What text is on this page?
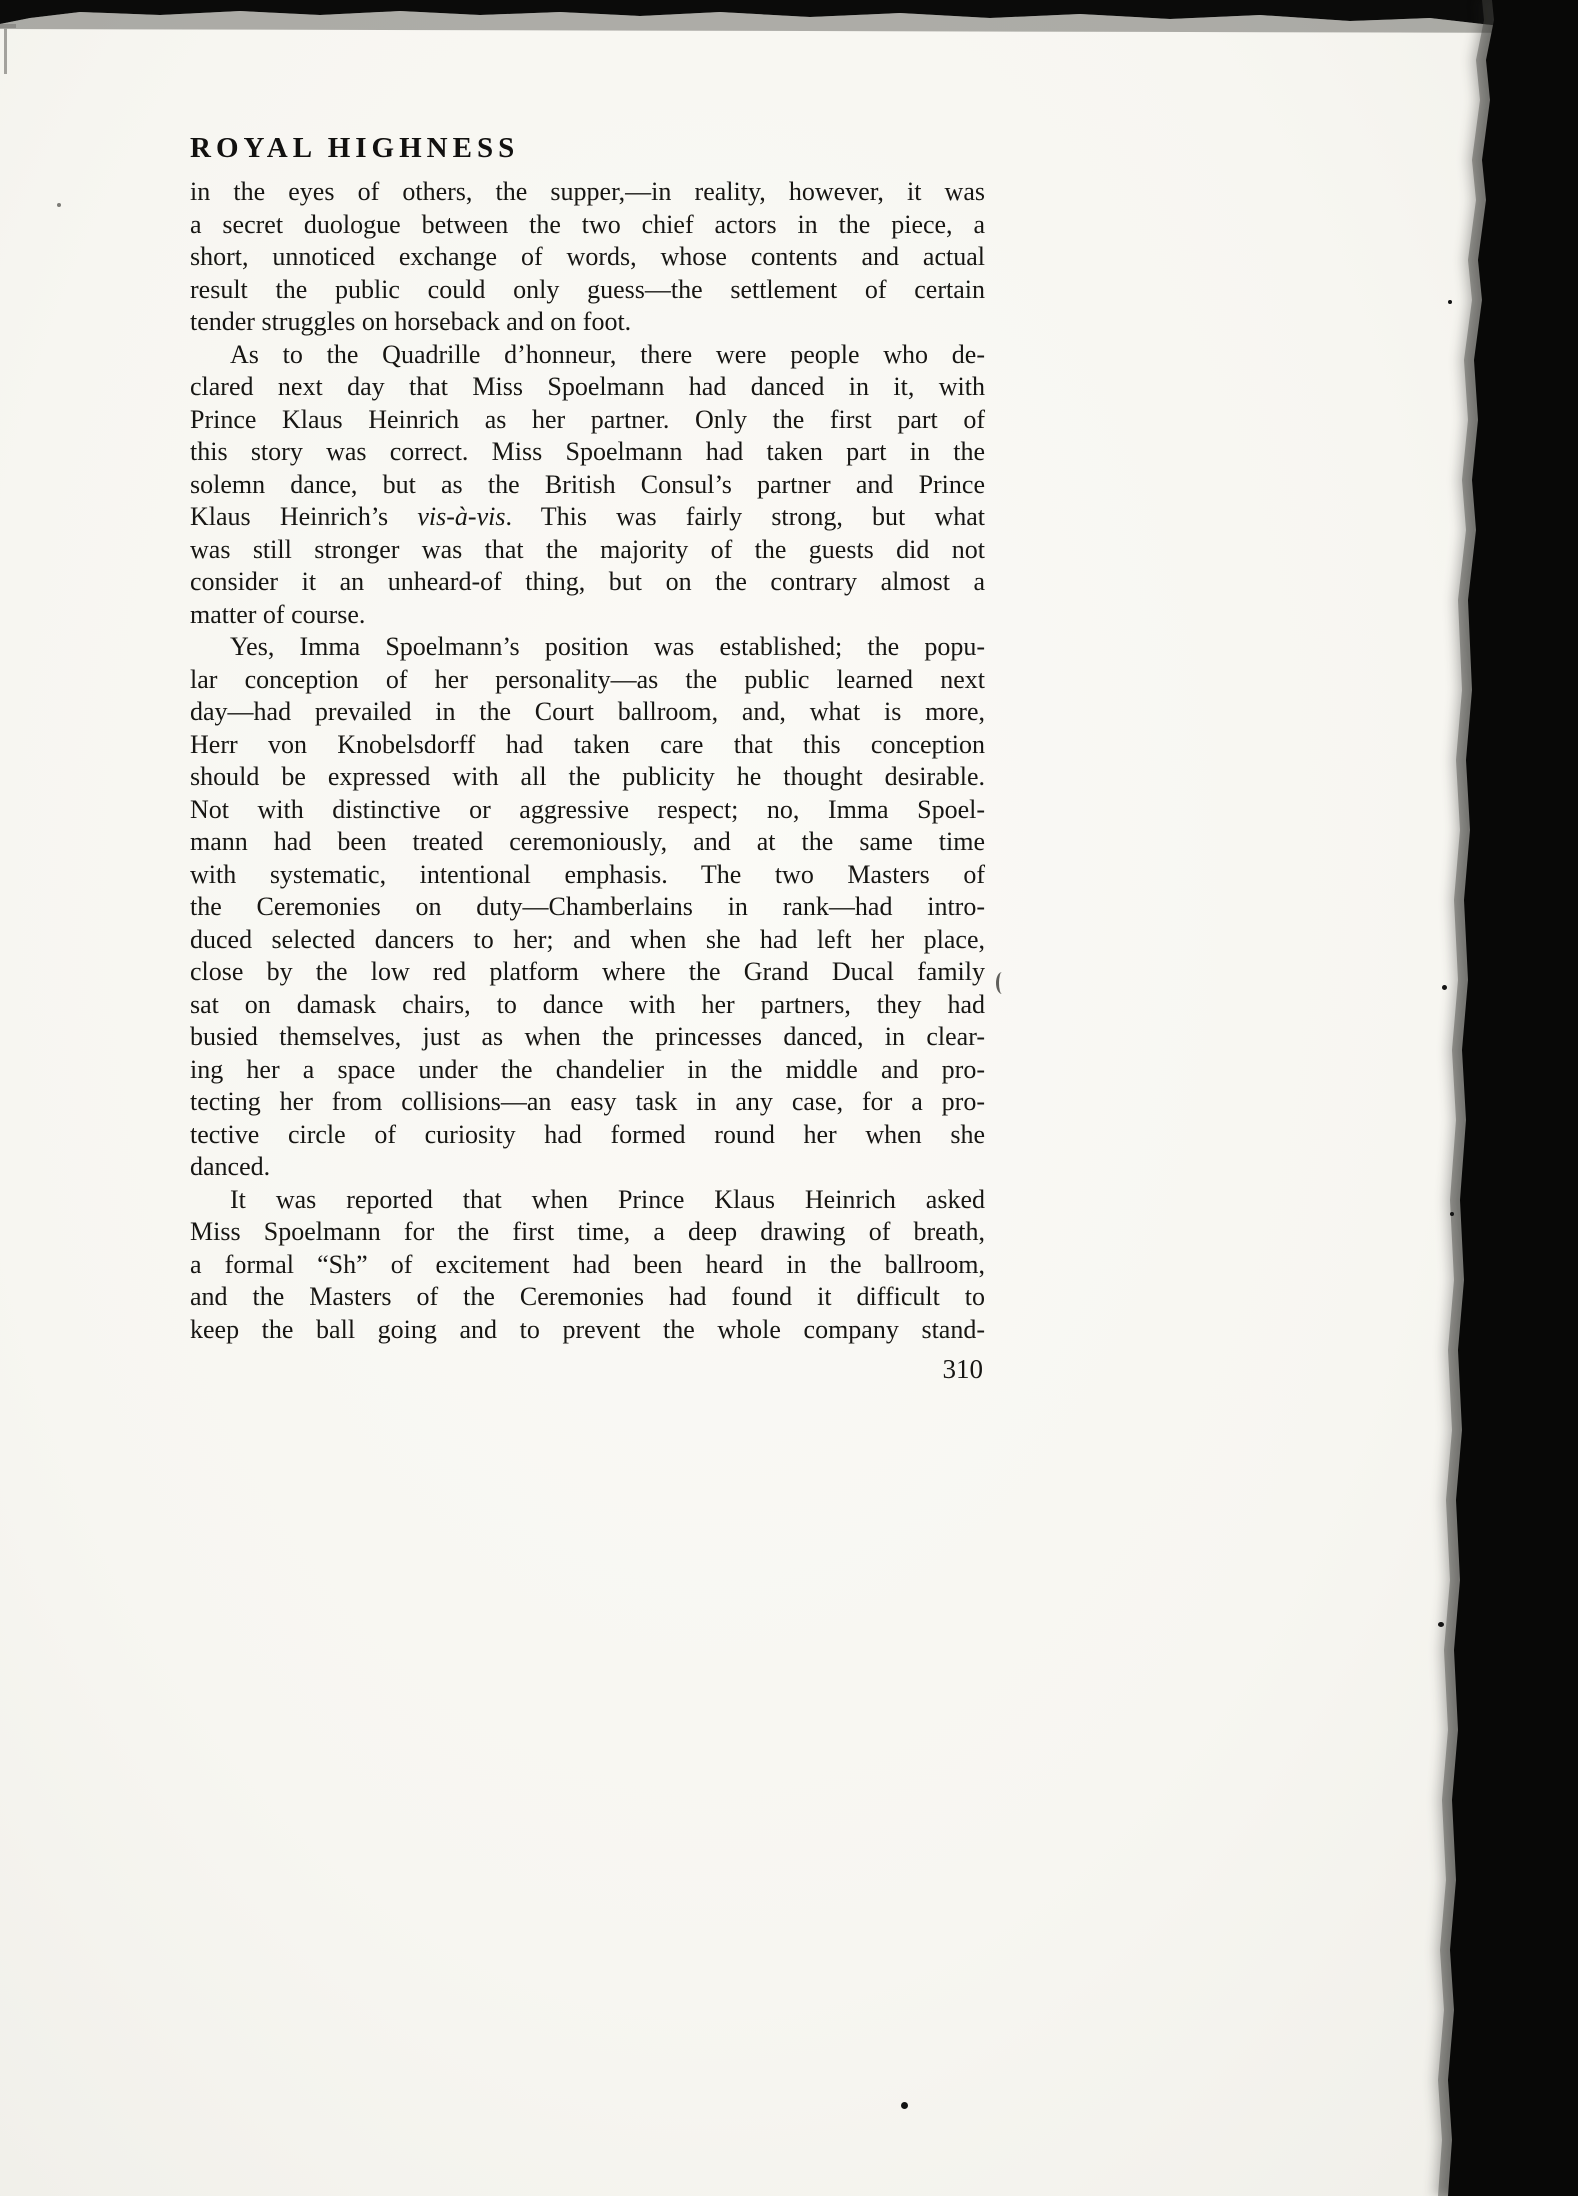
ROYAL HIGHNESS

in the eyes of others, the supper,—in reality, however, it was
a secret duologue between the two chief actors in the piece, a
short, unnoticed exchange of words, whose contents and actual
result the public could only guess—the settlement of certain
tender struggles on horseback and on foot.

As to the Quadrille d’honneur, there were people who de-
clared next day that Miss Spoelmann had danced in it, with
Prince Klaus Heinrich as her partner. Only the first part of
this story was correct. Miss Spoelmann had taken part in the
solemn dance, but as the British Consul’s partner and Prince
Klaus Heinrich’s vis-à-vis. This was fairly strong, but what
was still stronger was that the majority of the guests did not
consider it an unheard-of thing, but on the contrary almost a
matter of course.

Yes, Imma Spoelmann’s position was established; the popu-
lar conception of her personality—as the public learned next
day—had prevailed in the Court ballroom, and, what is more,
Herr von Knobelsdorff had taken care that this conception
should be expressed with all the publicity he thought desirable.
Not with distinctive or aggressive respect; no, Imma Spoel-
mann had been treated ceremoniously, and at the same time
with systematic, intentional emphasis. The two Masters of
the Ceremonies on duty—Chamberlains in rank—had intro-
duced selected dancers to her; and when she had left her place,
close by the low red platform where the Grand Ducal family
sat on damask chairs, to dance with her partners, they had
busied themselves, just as when the princesses danced, in clear-
ing her a space under the chandelier in the middle and pro-
tecting her from collisions—an easy task in any case, for a pro-
tective circle of curiosity had formed round her when she
danced.

It was reported that when Prince Klaus Heinrich asked
Miss Spoelmann for the first time, a deep drawing of breath,
a formal “Sh” of excitement had been heard in the ballroom,
and the Masters of the Ceremonies had found it difficult to
keep the ball going and to prevent the whole company stand-

310
